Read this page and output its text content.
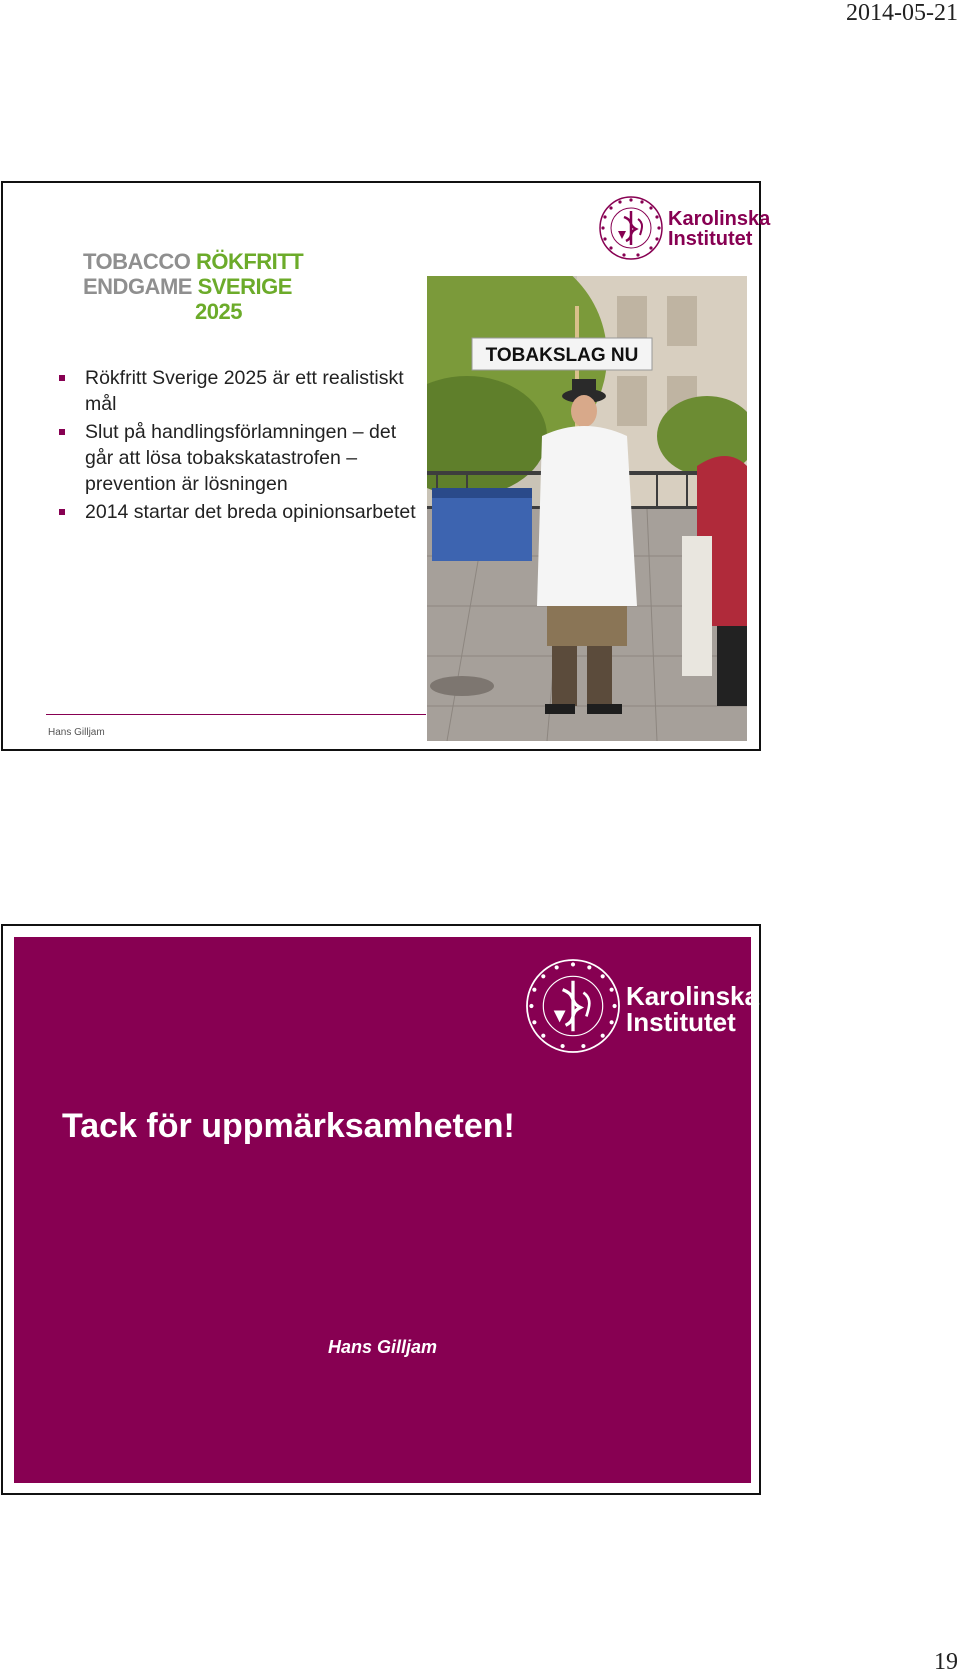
2014-05-21
TOBACCO RÖKFRITT
ENDGAME SVERIGE
2025
Karolinska
Institutet
Rökfritt Sverige 2025 är ett realistiskt mål
Slut på handlingsförlamningen – det går att lösa tobakskatastrofen – prevention är lösningen
2014 startar det breda opinionsarbetet
TOBAKSLAG NU
Hans Gilljam
Karolinska
Institutet
Tack för uppmärksamheten!
Hans Gilljam
19
